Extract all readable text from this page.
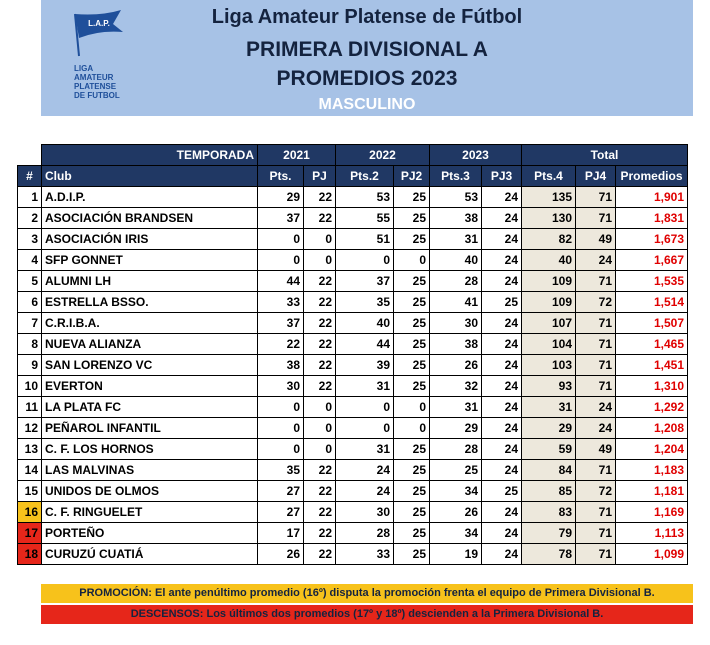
L.A.P.
LIGA
AMATEUR
PLATENSE
DE FUTBOL
Liga Amateur Platense de Fútbol
PRIMERA DIVISIONAL A
PROMEDIOS 2023
MASCULINO
	TEMPORADA	2021		2022		2023		Total		
#	Club	Pts.	PJ	Pts.2	PJ2	Pts.3	PJ3	Pts.4	PJ4	Promedios
1	A.D.I.P.	29	22	53	25	53	24	135	71	1,901
2	ASOCIACIÓN BRANDSEN	37	22	55	25	38	24	130	71	1,831
3	ASOCIACIÓN IRIS	0	0	51	25	31	24	82	49	1,673
4	SFP GONNET	0	0	0	0	40	24	40	24	1,667
5	ALUMNI LH	44	22	37	25	28	24	109	71	1,535
6	ESTRELLA BSSO.	33	22	35	25	41	25	109	72	1,514
7	C.R.I.B.A.	37	22	40	25	30	24	107	71	1,507
8	NUEVA ALIANZA	22	22	44	25	38	24	104	71	1,465
9	SAN LORENZO VC	38	22	39	25	26	24	103	71	1,451
10	EVERTON	30	22	31	25	32	24	93	71	1,310
11	LA PLATA FC	0	0	0	0	31	24	31	24	1,292
12	PEÑAROL INFANTIL	0	0	0	0	29	24	29	24	1,208
13	C. F. LOS HORNOS	0	0	31	25	28	24	59	49	1,204
14	LAS MALVINAS	35	22	24	25	25	24	84	71	1,183
15	UNIDOS DE OLMOS	27	22	24	25	34	25	85	72	1,181
16	C. F. RINGUELET	27	22	30	25	26	24	83	71	1,169
17	PORTEÑO	17	22	28	25	34	24	79	71	1,113
18	CURUZÚ CUATIÁ	26	22	33	25	19	24	78	71	1,099
PROMOCIÓN: El ante penúltimo promedio (16º) disputa la promoción frenta el equipo de Primera Divisional B.
DESCENSOS: Los últimos dos promedios (17º y 18º) descienden a la Primera Divisional B.
